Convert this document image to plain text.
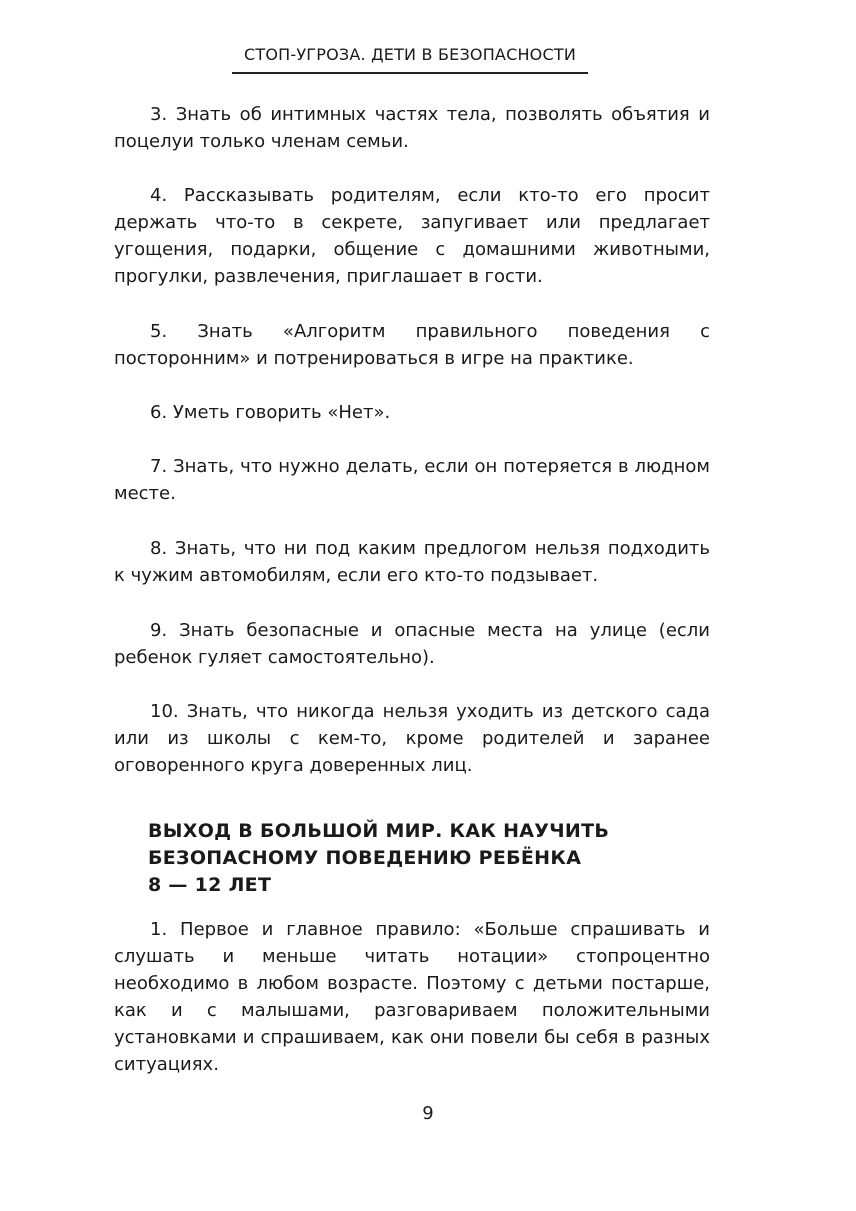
СТОП-УГРОЗА. ДЕТИ В БЕЗОПАСНОСТИ

3. Знать об интимных частях тела, позволять объятия и поцелуи только членам семьи.

4. Рассказывать родителям, если кто-то его просит держать что-то в секрете, запугивает или предлагает угощения, подарки, общение с домашними животными, прогулки, развлечения, приглашает в гости.

5. Знать «Алгоритм правильного поведения с посторонним» и потренироваться в игре на практике.

6. Уметь говорить «Нет».

7. Знать, что нужно делать, если он потеряется в людном месте.

8. Знать, что ни под каким предлогом нельзя подходить к чужим автомобилям, если его кто-то подзывает.

9. Знать безопасные и опасные места на улице (если ребенок гуляет самостоятельно).

10. Знать, что никогда нельзя уходить из детского сада или из школы с кем-то, кроме родителей и заранее оговоренного круга доверенных лиц.

ВЫХОД В БОЛЬШОЙ МИР. КАК НАУЧИТЬ
БЕЗОПАСНОМУ ПОВЕДЕНИЮ РЕБЁНКА
8 — 12 ЛЕТ

1. Первое и главное правило: «Больше спрашивать и слушать и меньше читать нотации» стопроцентно необходимо в любом возрасте. Поэтому с детьми постарше, как и с малышами, разговариваем положительными установками и спрашиваем, как они повели бы себя в разных ситуациях.

9
